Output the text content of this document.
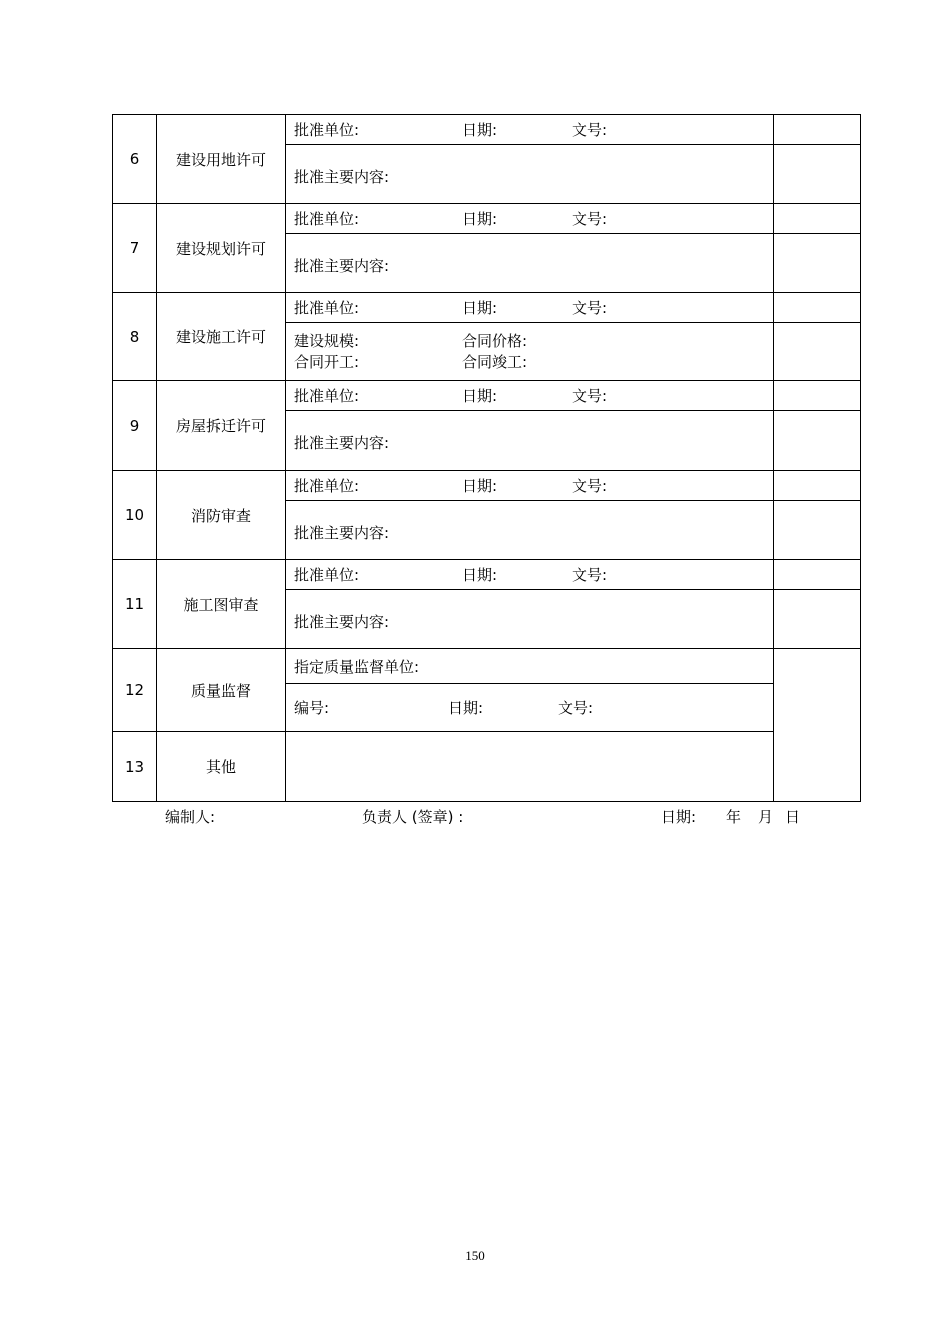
6	建设用地许可	批准单位: 日期: 文号:	
		批准主要内容:	
7	建设规划许可	批准单位: 日期: 文号:	
		批准主要内容:	
8	建设施工许可	批准单位: 日期: 文号:	

		建设规模: 合同价格:
合同开工: 合同竣工:	

9	房屋拆迁许可	批准单位: 日期: 文号:	
		批准主要内容:	
10	消防审查	批准单位: 日期: 文号:	
		批准主要内容:	
11	施工图审查	批准单位: 日期: 文号:	
		批准主要内容:	
12	质量监督	指定质量监督单位:	
		编号: 日期: 文号:	
13	其他		
编制人:	负责人 (签章) :	日期: 年 月 日
150
